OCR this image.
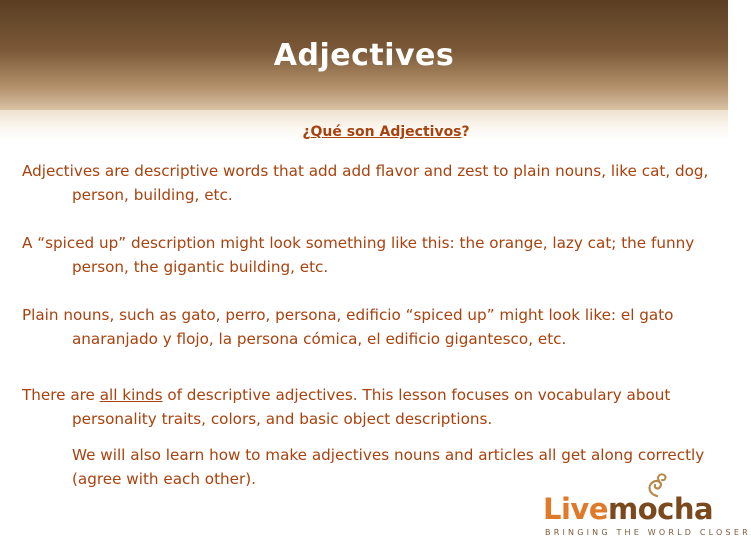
Adjectives
¿Qué son Adjectivos?
Adjectives are descriptive words that add add flavor and zest to plain nouns, like cat, dog, person, building, etc.
A “spiced up” description might look something like this: the orange, lazy cat; the funny person, the gigantic building, etc.
Plain nouns, such as gato, perro, persona, edificio “spiced up” might look like: el gato anaranjado y flojo, la persona cómica, el edificio gigantesco, etc.
There are all kinds of descriptive adjectives. This lesson focuses on vocabulary about personality traits, colors, and basic object descriptions.
We will also learn how to make adjectives nouns and articles all get along correctly (agree with each other).
Livemocha
BRINGING THE WORLD CLOSER
